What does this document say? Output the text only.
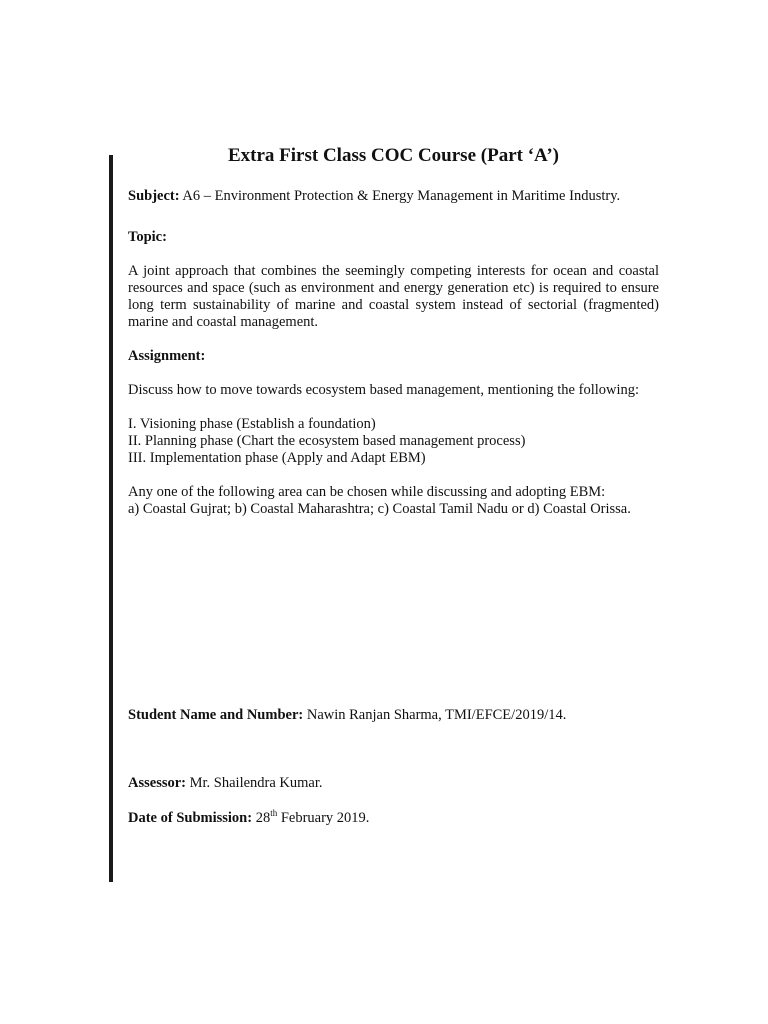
Extra First Class COC Course (Part ‘A’)

Subject: A6 – Environment Protection & Energy Management in Maritime Industry.

Topic:

A joint approach that combines the seemingly competing interests for ocean and coastal resources and space (such as environment and energy generation etc) is required to ensure long term sustainability of marine and coastal system instead of sectorial (fragmented) marine and coastal management.

Assignment:

Discuss how to move towards ecosystem based management, mentioning the following:

I. Visioning phase (Establish a foundation)

II. Planning phase (Chart the ecosystem based management process)

III. Implementation phase (Apply and Adapt EBM)

Any one of the following area can be chosen while discussing and adopting EBM:

a) Coastal Gujrat; b) Coastal Maharashtra; c) Coastal Tamil Nadu or d) Coastal Orissa.

Student Name and Number: Nawin Ranjan Sharma, TMI/EFCE/2019/14.

Assessor: Mr. Shailendra Kumar.

Date of Submission: 28th February 2019.
